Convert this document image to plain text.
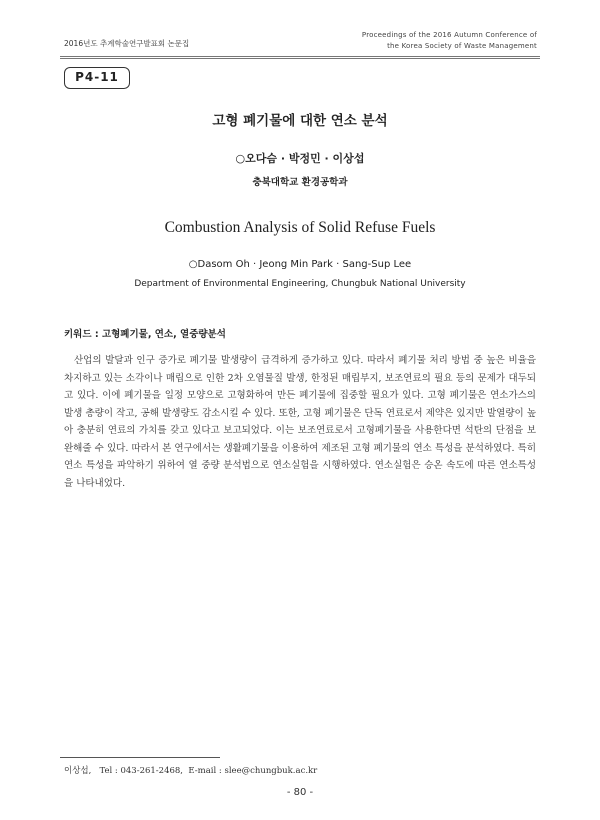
2016년도 추계학술연구발표회 논문집
Proceedings of the 2016 Autumn Conference of
the Korea Society of Waste Management
P4-11
고형 폐기물에 대한 연소 분석
○오다슴 · 박정민 · 이상섭
충북대학교 환경공학과
Combustion Analysis of Solid Refuse Fuels
○Dasom Oh · Jeong Min Park · Sang-Sup Lee
Department of Environmental Engineering, Chungbuk National University
키워드 : 고형폐기물, 연소, 열중량분석

산업의 발달과 인구 증가로 폐기물 발생량이 급격하게 증가하고 있다. 따라서 폐기물 처리 방법 중 높은 비율을 차지하고 있는 소각이나 매립으로 인한 2차 오염물질 발생, 한정된 매립부지, 보조연료의 필요 등의 문제가 대두되고 있다. 이에 폐기물을 일정 모양으로 고형화하여 만든 폐기물에 집중할 필요가 있다. 고형 폐기물은 연소가스의 발생 총량이 작고, 공해 발생량도 감소시킬 수 있다. 또한, 고형 폐기물은 단독 연료로서 제약은 있지만 발열량이 높아 충분히 연료의 가치를 갖고 있다고 보고되었다. 이는 보조연료로서 고형폐기물을 사용한다면 석탄의 단점을 보완해줄 수 있다. 따라서 본 연구에서는 생활폐기물을 이용하여 제조된 고형 폐기물의 연소 특성을 분석하였다. 특히 연소 특성을 파악하기 위하여 열 중량 분석법으로 연소실험을 시행하였다. 연소실험은 승온 속도에 따른 연소특성을 나타내었다.

이상섭,   Tel : 043-261-2468,  E-mail : slee@chungbuk.ac.kr
- 80 -
